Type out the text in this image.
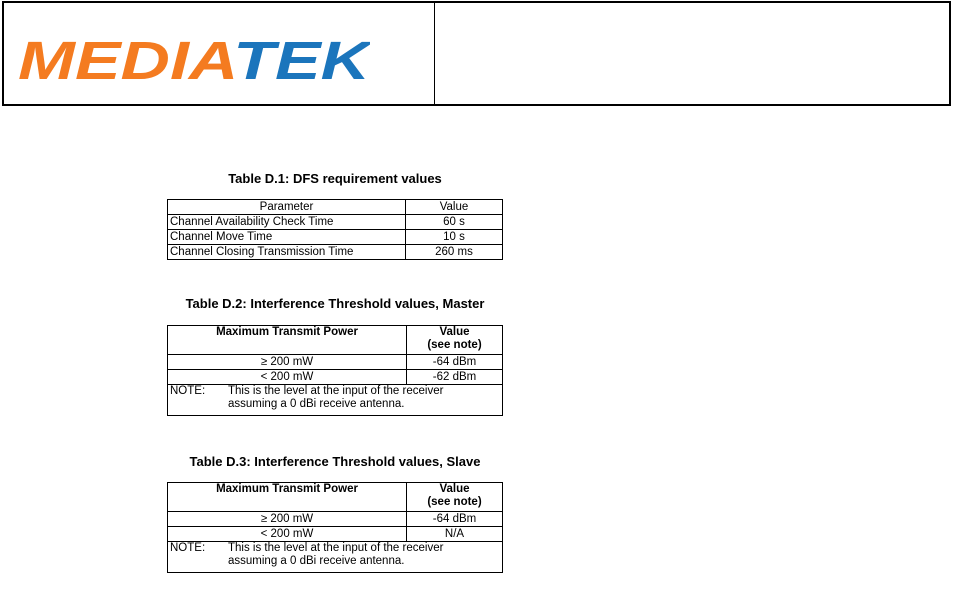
MEDIA TEK
Table D.1: DFS requirement values
Parameter	Value
Channel Availability Check Time	60 s
Channel Move Time	10 s
Channel Closing Transmission Time	260 ms
Table D.2: Interference Threshold values, Master
Maximum Transmit Power	Value
(see note)
≥ 200 mW	-64 dBm
< 200 mW	-62 dBm
NOTE: This is the level at the input of the receiver
assuming a 0 dBi receive antenna.	
Table D.3: Interference Threshold values, Slave
Maximum Transmit Power	Value
(see note)
≥ 200 mW	-64 dBm
< 200 mW	N/A
NOTE: This is the level at the input of the receiver
assuming a 0 dBi receive antenna.	
